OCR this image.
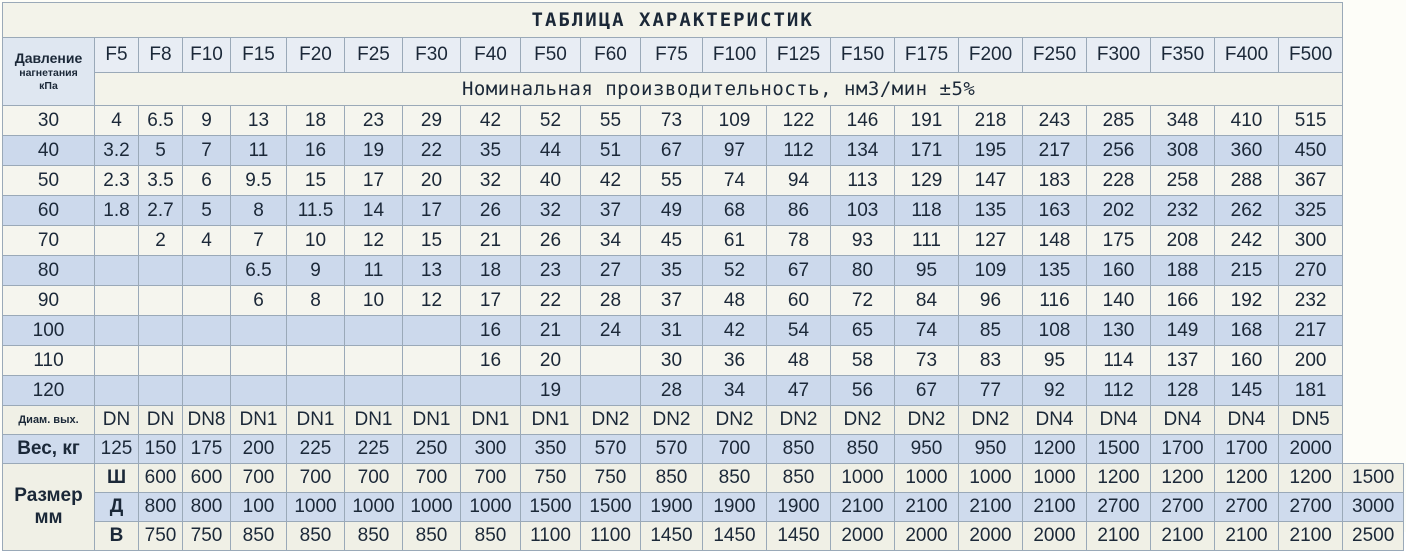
ТАБЛИЦА ХАРАКТЕРИСТИК																						

Давление
нагнетания
кПа	F5	F8	F10	F15	F20	F25	F30	F40	F50	F60	F75	F100	F125	F150	F175	F200	F250	F300	F350	F400	F500	
	Номинальная производительность, нм3/мин ±5%																					
30	4	6.5	9	13	18	23	29	42	52	55	73	109	122	146	191	218	243	285	348	410	515	
40	3.2	5	7	11	16	19	22	35	44	51	67	97	112	134	171	195	217	256	308	360	450	
50	2.3	3.5	6	9.5	15	17	20	32	40	42	55	74	94	113	129	147	183	228	258	288	367	
60	1.8	2.7	5	8	11.5	14	17	26	32	37	49	68	86	103	118	135	163	202	232	262	325	
70		2	4	7	10	12	15	21	26	34	45	61	78	93	111	127	148	175	208	242	300	
80				6.5	9	11	13	18	23	27	35	52	67	80	95	109	135	160	188	215	270	
90				6	8	10	12	17	22	28	37	48	60	72	84	96	116	140	166	192	232	
100								16	21	24	31	42	54	65	74	85	108	130	149	168	217	
110								16	20		30	36	48	58	73	83	95	114	137	160	200	
120									19		28	34	47	56	67	77	92	112	128	145	181	
Диам. вых.	DN	DN	DN8	DN1	DN1	DN1	DN1	DN1	DN1	DN2	DN2	DN2	DN2	DN2	DN2	DN2	DN4	DN4	DN4	DN4	DN5	
Вес, кг	125	150	175	200	225	225	250	300	350	570	570	700	850	850	950	950	1200	1500	1700	1700	2000	

Размер
мм	Ш	600	600	700	700	700	700	700	750	750	850	850	850	1000	1000	1000	1000	1200	1200	1200	1200	1500
	Д	800	800	100	1000	1000	1000	1000	1500	1500	1900	1900	1900	2100	2100	2100	2100	2700	2700	2700	2700	3000
	В	750	750	850	850	850	850	850	1100	1100	1450	1450	1450	2000	2000	2000	2000	2100	2100	2100	2100	2500
